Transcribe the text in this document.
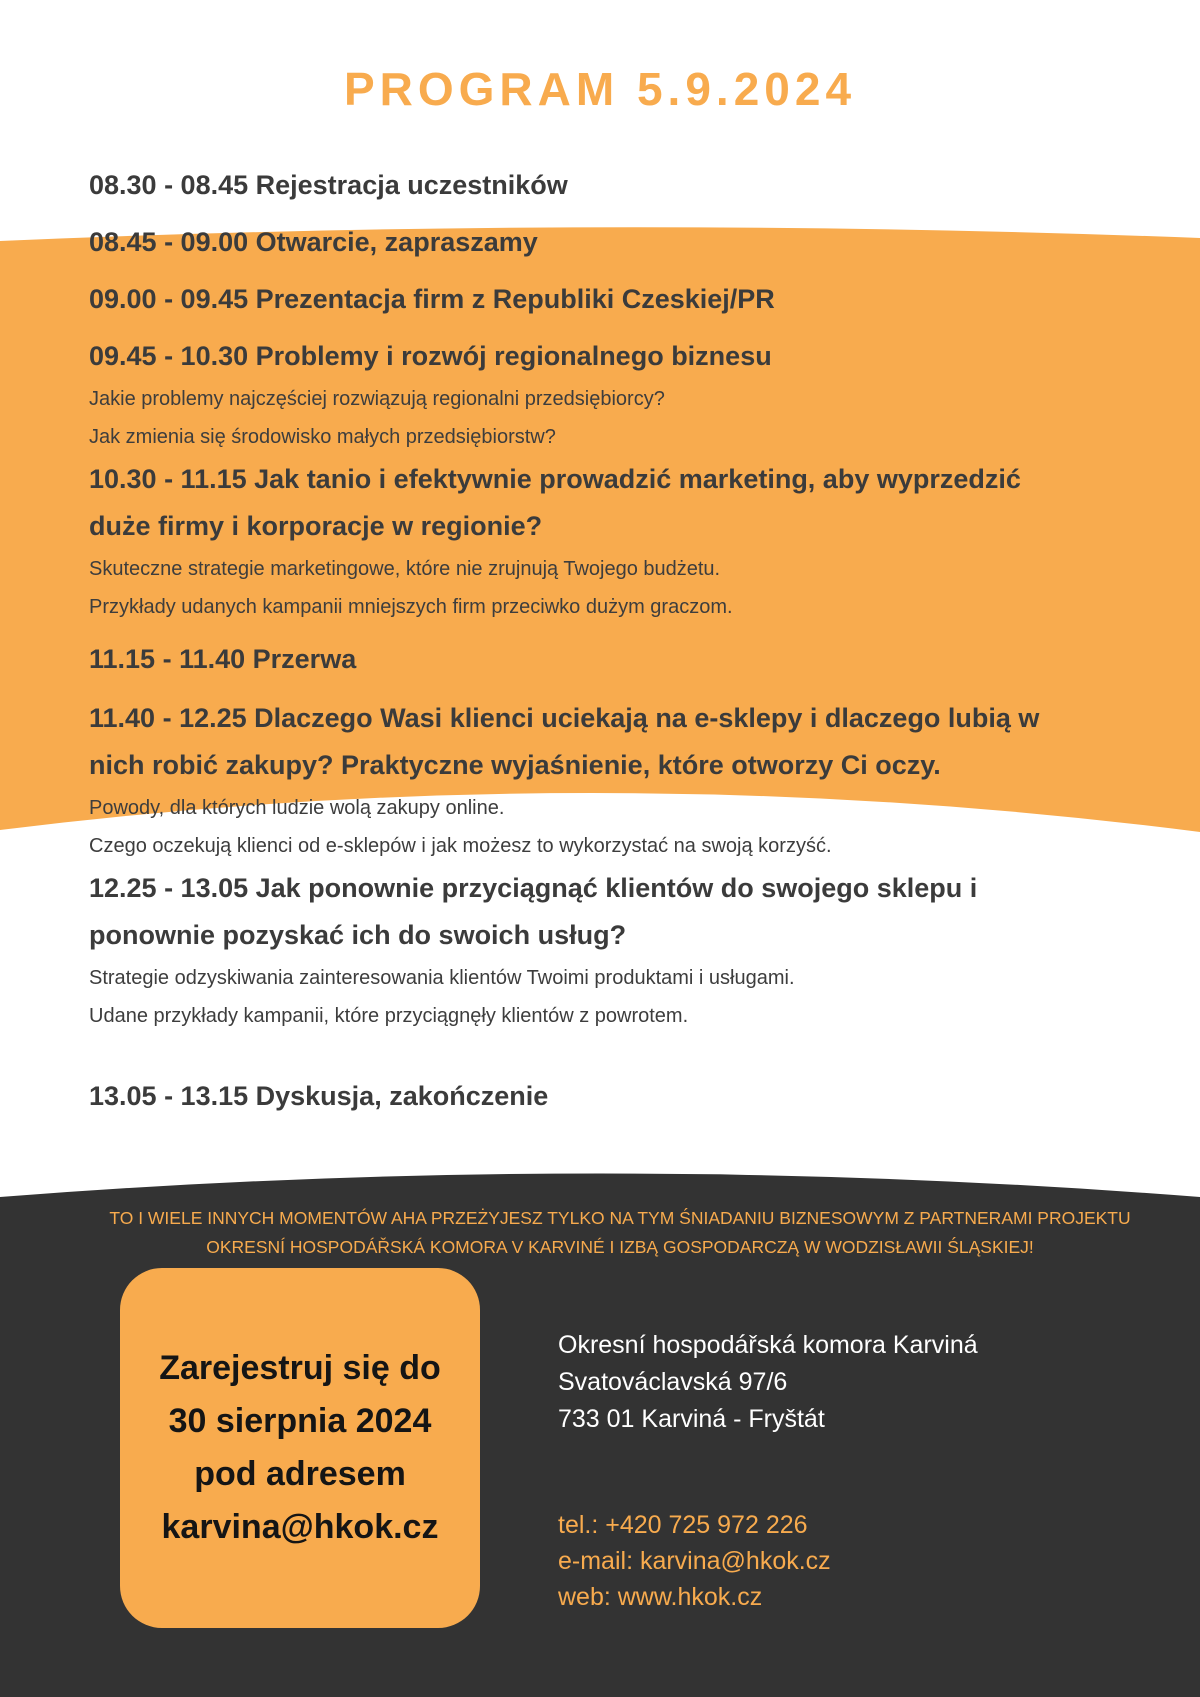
PROGRAM 5.9.2024
08.30 - 08.45 Rejestracja uczestników
08.45 - 09.00 Otwarcie, zapraszamy
09.00 - 09.45 Prezentacja firm z Republiki Czeskiej/PR
09.45 - 10.30 Problemy i rozwój regionalnego biznesu
Jakie problemy najczęściej rozwiązują regionalni przedsiębiorcy?
Jak zmienia się środowisko małych przedsiębiorstw?
10.30 - 11.15 Jak tanio i efektywnie prowadzić marketing, aby wyprzedzić
duże firmy i korporacje w regionie?
Skuteczne strategie marketingowe, które nie zrujnują Twojego budżetu.
Przykłady udanych kampanii mniejszych firm przeciwko dużym graczom.
11.15 - 11.40 Przerwa
11.40 - 12.25 Dlaczego Wasi klienci uciekają na e-sklepy i dlaczego lubią w
nich robić zakupy? Praktyczne wyjaśnienie, które otworzy Ci oczy.
Powody, dla których ludzie wolą zakupy online.
Czego oczekują klienci od e-sklepów i jak możesz to wykorzystać na swoją korzyść.
12.25 - 13.05 Jak ponownie przyciągnąć klientów do swojego sklepu i
ponownie pozyskać ich do swoich usług?
Strategie odzyskiwania zainteresowania klientów Twoimi produktami i usługami.
Udane przykłady kampanii, które przyciągnęły klientów z powrotem.
13.05 - 13.15 Dyskusja, zakończenie
TO I WIELE INNYCH MOMENTÓW AHA PRZEŻYJESZ TYLKO NA TYM ŚNIADANIU BIZNESOWYM Z PARTNERAMI PROJEKTU
OKRESNÍ HOSPODÁŘSKÁ KOMORA V KARVINÉ I IZBĄ GOSPODARCZĄ W WODZISŁAWII ŚLĄSKIEJ!
Zarejestruj się do
30 sierpnia 2024
pod adresem
karvina@hkok.cz
Okresní hospodářská komora Karviná
Svatováclavská 97/6
733 01 Karviná - Fryštát
tel.: +420 725 972 226
e-mail: karvina@hkok.cz
web: www.hkok.cz
